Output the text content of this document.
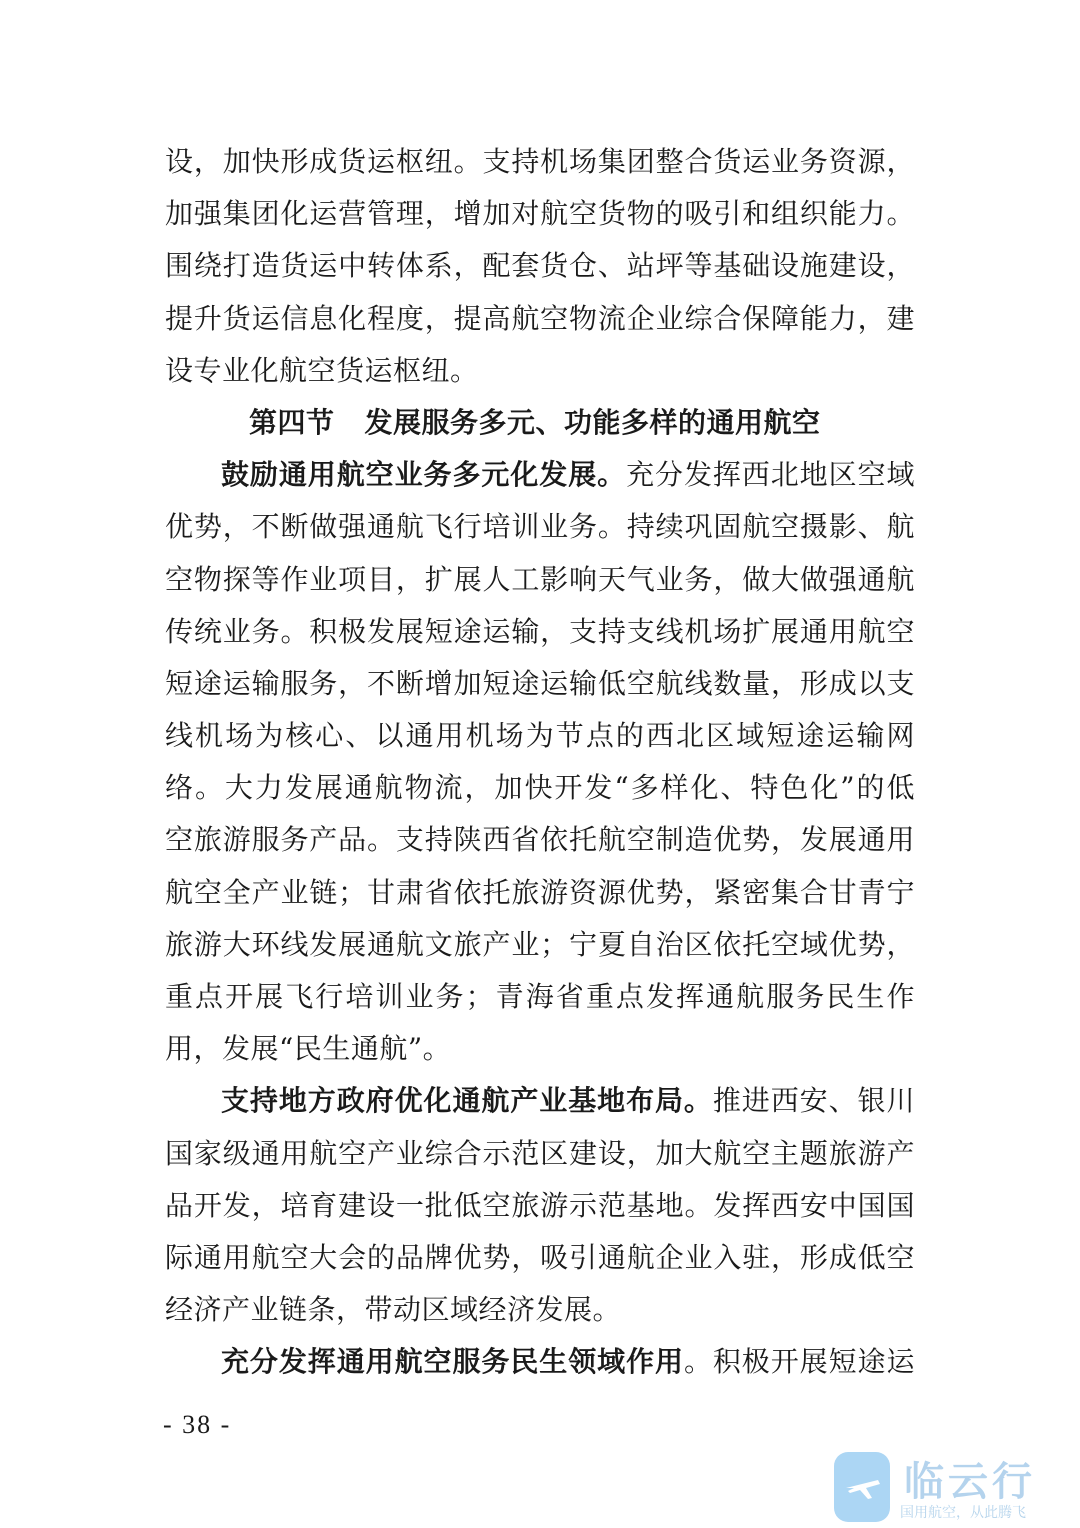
设，加快形成货运枢纽。支持机场集团整合货运业务资源，
加强集团化运营管理，增加对航空货物的吸引和组织能力。
围绕打造货运中转体系，配套货仓、站坪等基础设施建设，
提升货运信息化程度，提高航空物流企业综合保障能力，建
设专业化航空货运枢纽。
第四节 发展服务多元、功能多样的通用航空
鼓励通用航空业务多元化发展。充分发挥西北地区空域
优势，不断做强通航飞行培训业务。持续巩固航空摄影、航
空物探等作业项目，扩展人工影响天气业务，做大做强通航
传统业务。积极发展短途运输，支持支线机场扩展通用航空
短途运输服务，不断增加短途运输低空航线数量，形成以支
线机场为核心、以通用机场为节点的西北区域短途运输网
络。大力发展通航物流，加快开发“多样化、特色化”的低
空旅游服务产品。支持陕西省依托航空制造优势，发展通用
航空全产业链；甘肃省依托旅游资源优势，紧密集合甘青宁
旅游大环线发展通航文旅产业；宁夏自治区依托空域优势，
重点开展飞行培训业务；青海省重点发挥通航服务民生作
用，发展“民生通航”。
支持地方政府优化通航产业基地布局。推进西安、银川
国家级通用航空产业综合示范区建设，加大航空主题旅游产
品开发，培育建设一批低空旅游示范基地。发挥西安中国国
际通用航空大会的品牌优势，吸引通航企业入驻，形成低空
经济产业链条，带动区域经济发展。
充分发挥通用航空服务民生领域作用。积极开展短途运
- 38 -
临云行
国用航空，从此腾飞
